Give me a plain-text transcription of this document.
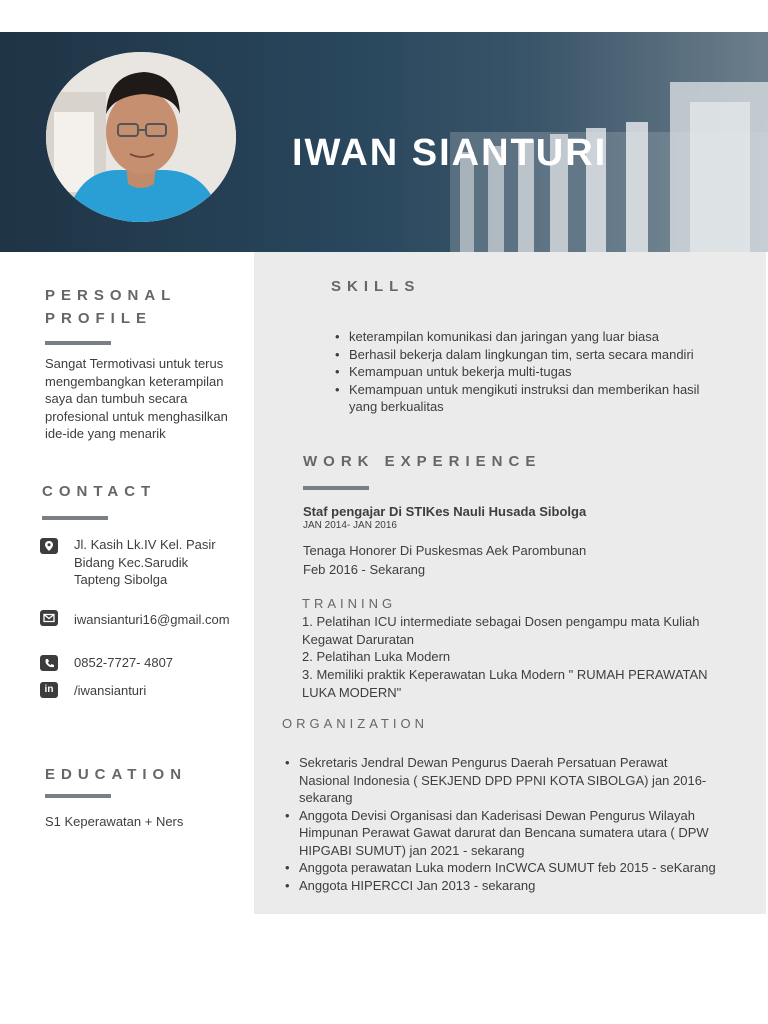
IWAN SIANTURI
PERSONAL
PROFILE
Sangat Termotivasi untuk terus mengembangkan keterampilan saya dan tumbuh secara profesional untuk menghasilkan ide-ide yang menarik
CONTACT
Jl. Kasih Lk.IV Kel. Pasir Bidang Kec.Sarudik Tapteng Sibolga
iwansianturi16@gmail.com
0852-7727- 4807
in	/iwansianturi
EDUCATION
S1 Keperawatan + Ners
SKILLS
• keterampilan komunikasi dan jaringan yang luar biasa
• Berhasil bekerja dalam lingkungan tim, serta secara mandiri
• Kemampuan untuk bekerja multi-tugas
• Kemampuan untuk mengikuti instruksi dan memberikan hasil yang berkualitas
WORK EXPERIENCE
Staf pengajar Di STIKes Nauli Husada Sibolga
JAN 2014- JAN 2016
Tenaga Honorer Di Puskesmas Aek Parombunan
Feb 2016 - Sekarang
TRAINING
1. Pelatihan ICU intermediate sebagai Dosen pengampu mata Kuliah Kegawat Daruratan
2. Pelatihan Luka Modern
3. Memiliki praktik Keperawatan Luka Modern " RUMAH PERAWATAN LUKA MODERN"
ORGANIZATION
• Sekretaris Jendral Dewan Pengurus Daerah Persatuan Perawat Nasional Indonesia ( SEKJEND DPD PPNI KOTA SIBOLGA) jan 2016- sekarang
• Anggota Devisi Organisasi dan Kaderisasi Dewan Pengurus Wilayah Himpunan Perawat Gawat darurat dan Bencana sumatera utara ( DPW HIPGABI SUMUT) jan 2021 - sekarang
• Anggota perawatan Luka modern InCWCA SUMUT feb 2015 - seKarang
• Anggota HIPERCCI Jan 2013 - sekarang
